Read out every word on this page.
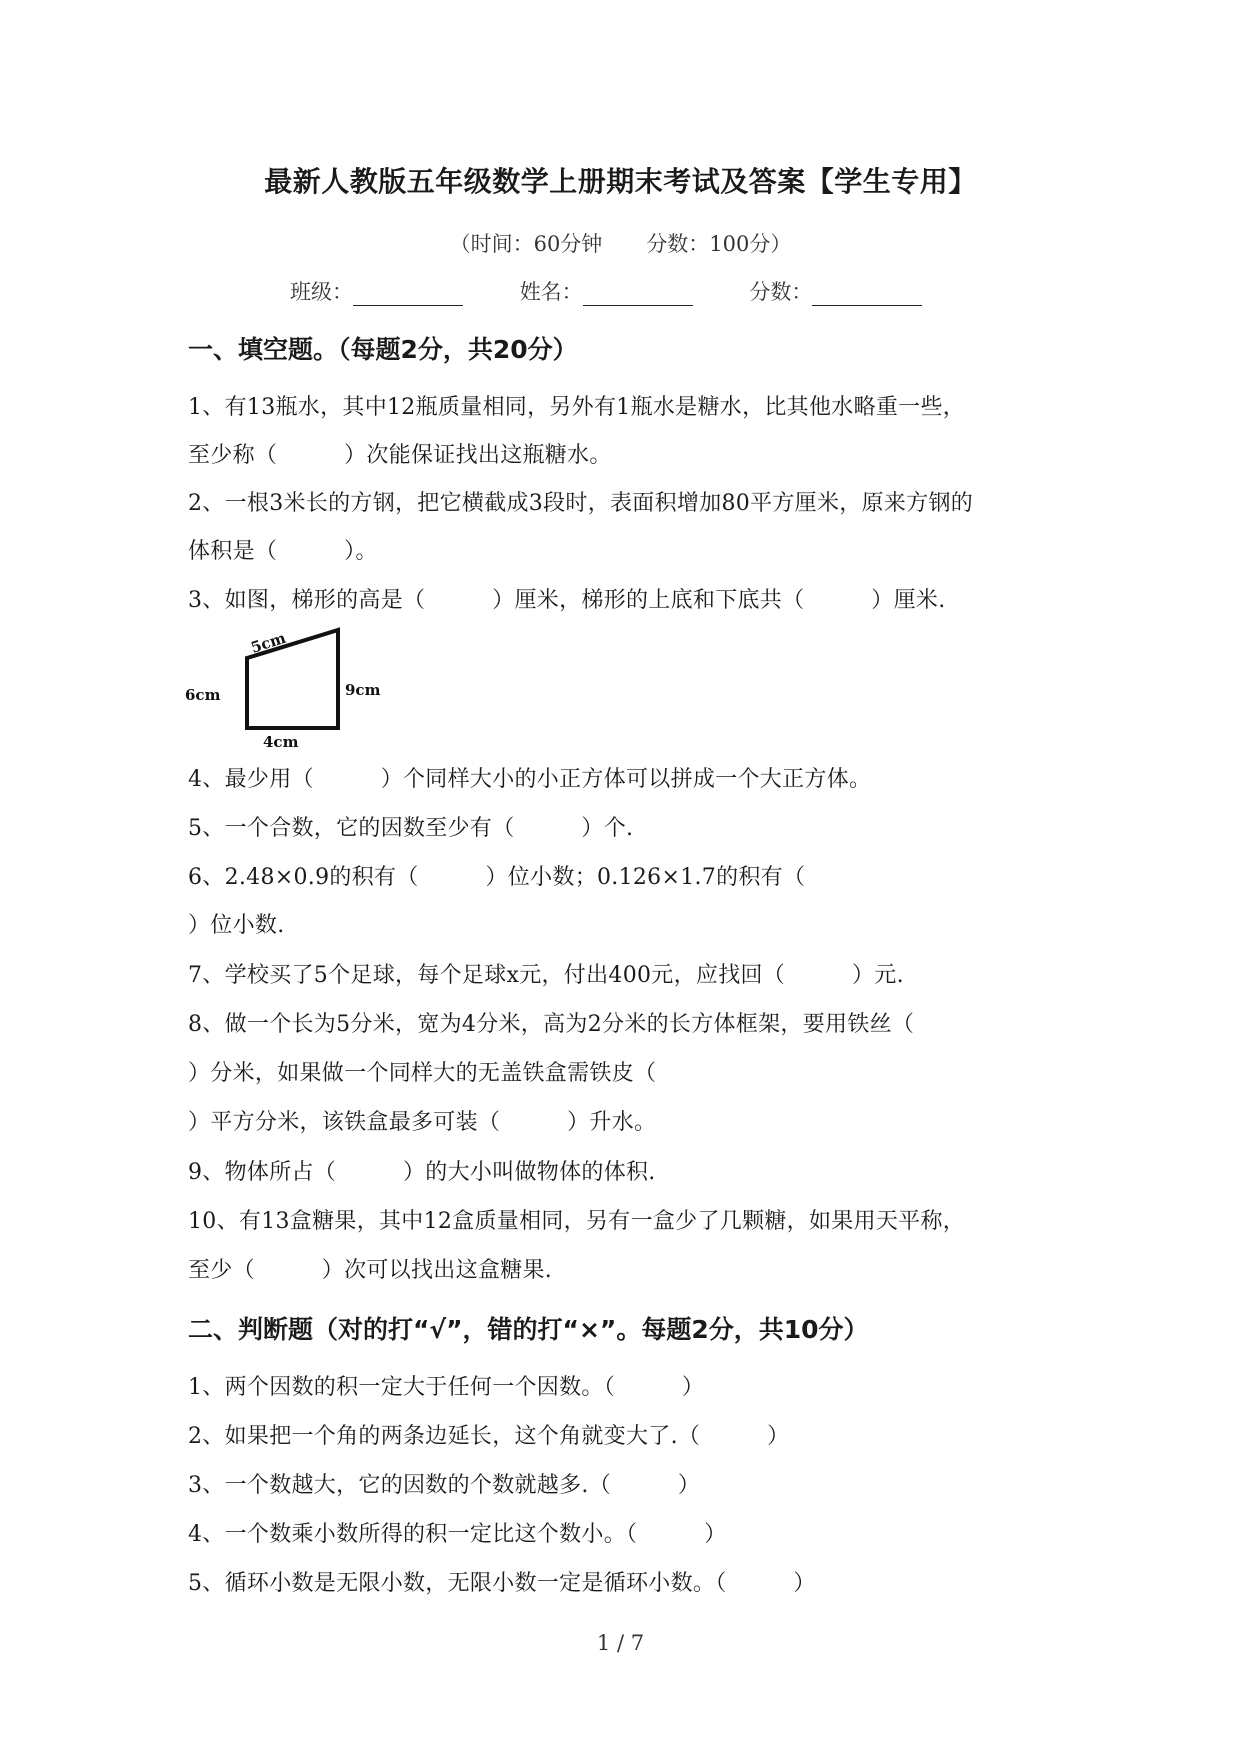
最新人教版五年级数学上册期末考试及答案【学生专用】
（时间：60分钟 分数：100分）
班级：	姓名：	分数：
一、填空题。（每题2分，共20分）
1、有13瓶水，其中12瓶质量相同，另外有1瓶水是糖水，比其他水略重一些，
至少称（　　　）次能保证找出这瓶糖水。
2、一根3米长的方钢，把它横截成3段时，表面积增加80平方厘米，原来方钢的
体积是（　　　）。
3、如图，梯形的高是（　　　）厘米，梯形的上底和下底共（　　　）厘米.
5cm
6cm	9cm
4cm
4、最少用（　　　）个同样大小的小正方体可以拼成一个大正方体。
5、一个合数，它的因数至少有（　　　）个.
6、2.48×0.9的积有（　　　）位小数；0.126×1.7的积有（
）位小数.
7、学校买了5个足球，每个足球x元，付出400元，应找回（　　　）元.
8、做一个长为5分米，宽为4分米，高为2分米的长方体框架，要用铁丝（
）分米，如果做一个同样大的无盖铁盒需铁皮（
）平方分米，该铁盒最多可装（　　　）升水。
9、物体所占（　　　）的大小叫做物体的体积.
10、有13盒糖果，其中12盒质量相同，另有一盒少了几颗糖，如果用天平称，
至少（　　　）次可以找出这盒糖果.
二、判断题（对的打“√”，错的打“×”。每题2分，共10分）
1、两个因数的积一定大于任何一个因数。（　　　）
2、如果把一个角的两条边延长，这个角就变大了.（　　　）
3、一个数越大，它的因数的个数就越多.（　　　）
4、一个数乘小数所得的积一定比这个数小。（　　　）
5、循环小数是无限小数，无限小数一定是循环小数。（　　　）
1 / 7
